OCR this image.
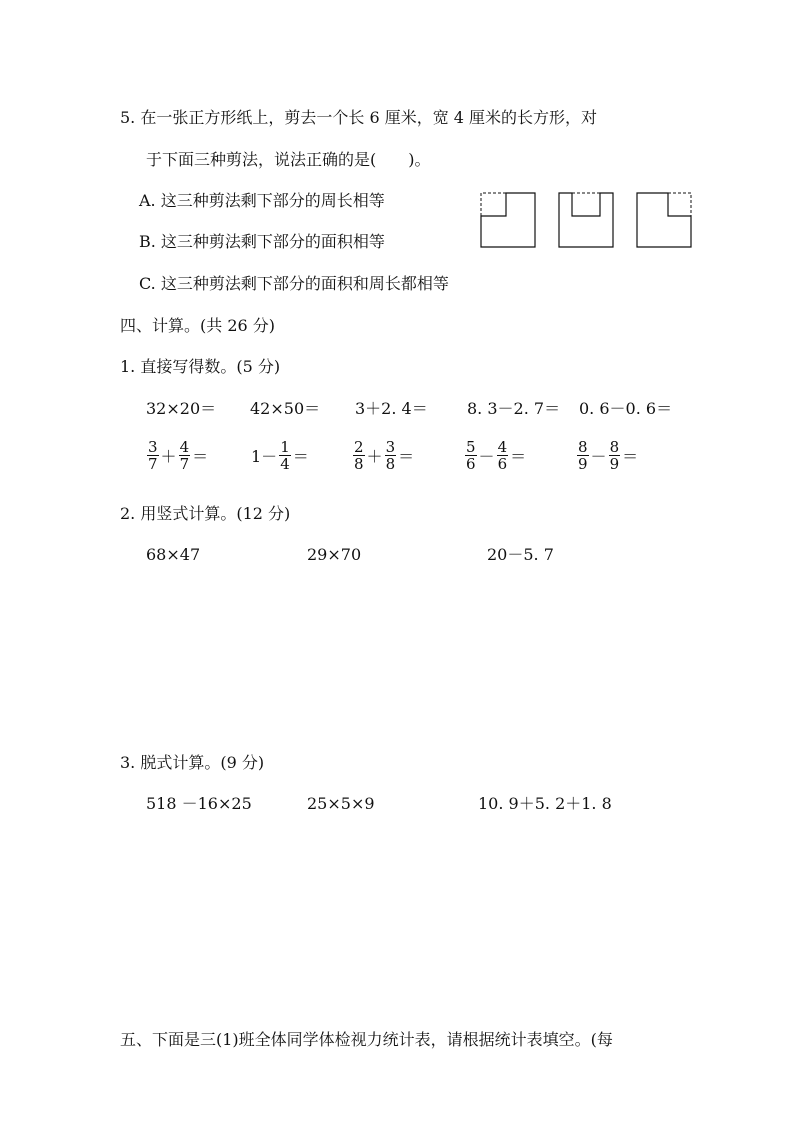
5. 在一张正方形纸上，剪去一个长 6 厘米，宽 4 厘米的长方形，对
于下面三种剪法，说法正确的是(　　)。
A. 这三种剪法剩下部分的周长相等
B. 这三种剪法剩下部分的面积相等
C. 这三种剪法剩下部分的面积和周长都相等
四、计算。(共 26 分)
1. 直接写得数。(5 分)
32×20＝ 42×50＝ 3＋2. 4＝ 8. 3－2. 7＝ 0. 6－0. 6＝
$\frac{3}{7} + \frac{4}{7}$ ＝	$1- \frac{1}{4}$ ＝	$\frac{2}{8} + \frac{3}{8}$ ＝	$\frac{5}{6} - \frac{4}{6}$ ＝	$\frac{8}{9} - \frac{8}{9}$ ＝
2. 用竖式计算。(12 分)
68×47	29×70	20－5. 7
3. 脱式计算。(9 分)
518 －16×25	25×5×9	10. 9＋5. 2＋1. 8
五、下面是三(1)班全体同学体检视力统计表，请根据统计表填空。(每
